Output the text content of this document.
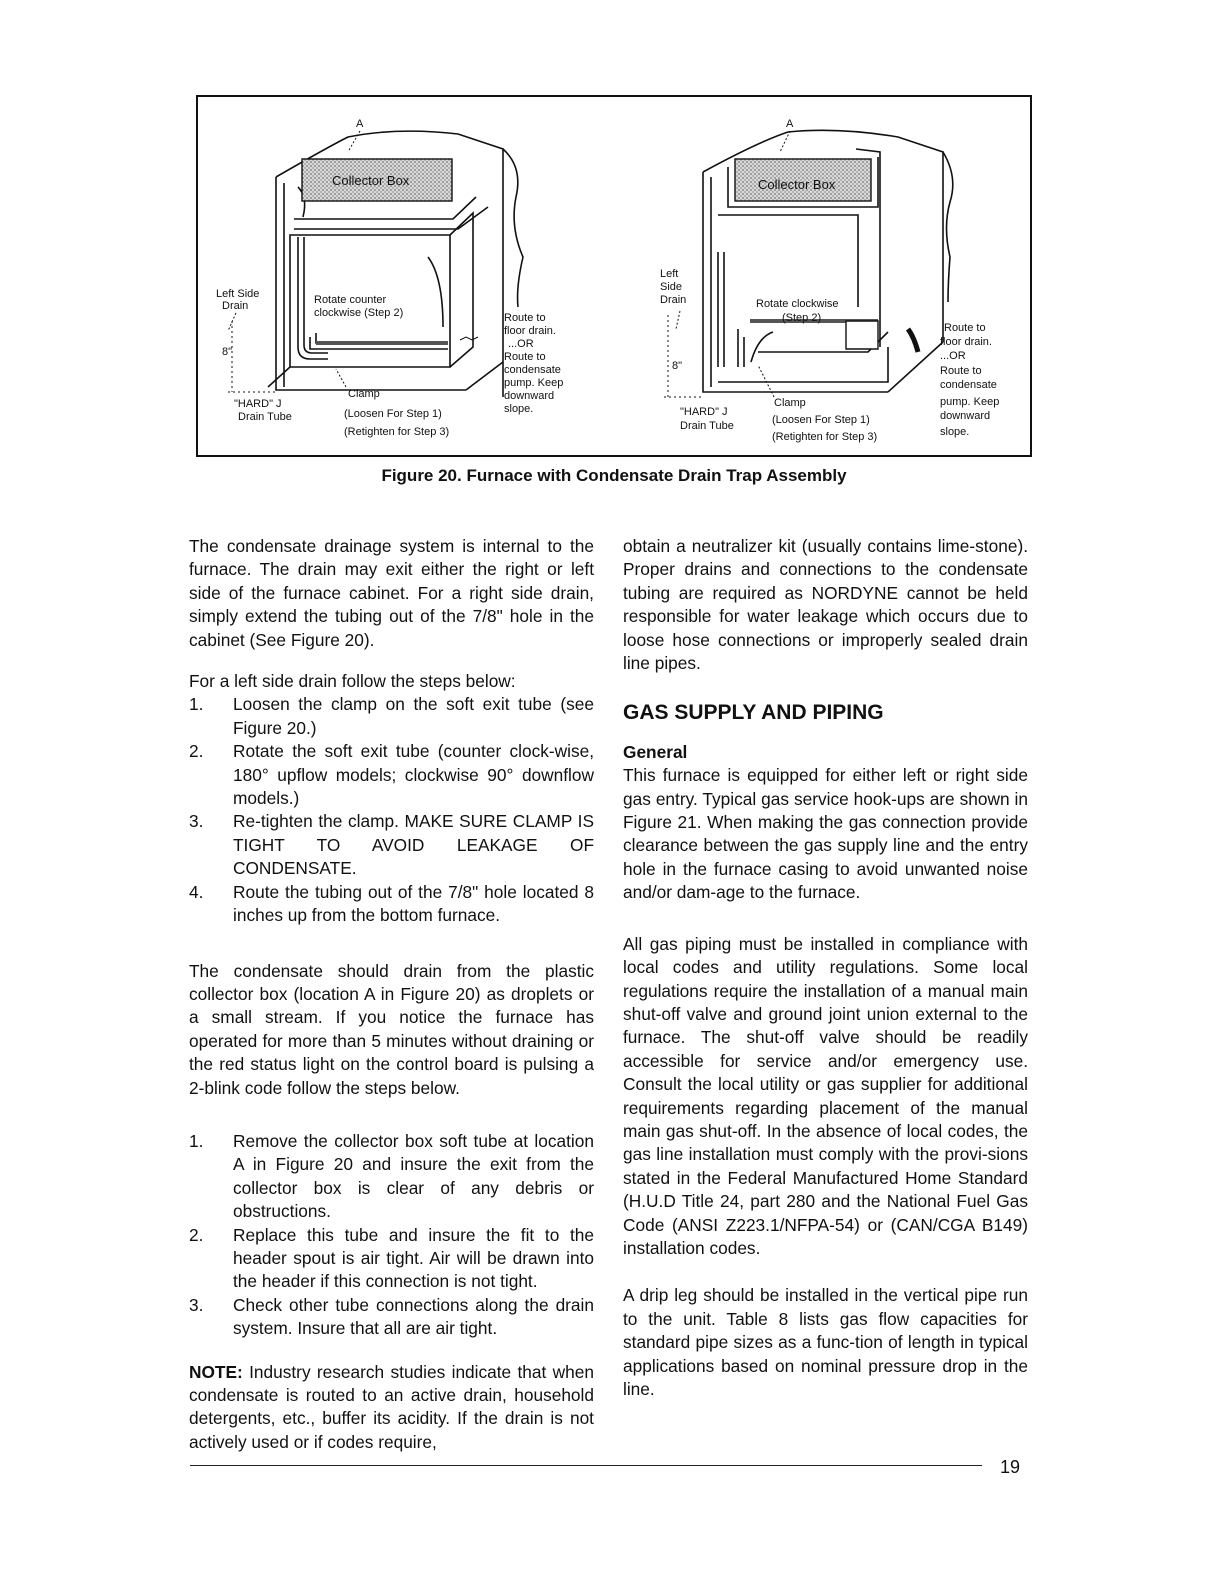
Collector Box
A
Left Side
Drain
8"
Rotate counter
clockwise (Step 2)	Route to
floor drain.
...OR
Route to
condensate
pump. Keep
downward
slope.
"HARD" J
Drain Tube
Clamp
(Loosen For Step 1)
(Retighten for Step 3)
Collector Box
A
Left
Side
Drain
8"
Rotate clockwise
(Step 2)
Route to
floor drain.
...OR
Route to
condensate
pump. Keep
downward
slope.
"HARD" J
Drain Tube
Clamp
(Loosen For Step 1)
(Retighten for Step 3)
Figure 20. Furnace with Condensate Drain Trap Assembly

The condensate drainage system is internal to the furnace. The drain may exit either the right or left side of the furnace cabinet. For a right side drain, simply extend the tubing out of the 7/8" hole in the cabinet (See Figure 20).

For a left side drain follow the steps below:

1. Loosen the clamp on the soft exit tube (see Figure 20.)
2. Rotate the soft exit tube (counter clock-wise, 180° upflow models; clockwise 90° downflow models.)
3. Re-tighten the clamp. MAKE SURE CLAMP IS TIGHT TO AVOID LEAKAGE OF CONDENSATE.
4. Route the tubing out of the 7/8" hole located 8 inches up from the bottom furnace.

The condensate should drain from the plastic collector box (location A in Figure 20) as droplets or a small stream. If you notice the furnace has operated for more than 5 minutes without draining or the red status light on the control board is pulsing a 2-blink code follow the steps below.

1. Remove the collector box soft tube at location A in Figure 20 and insure the exit from the collector box is clear of any debris or obstructions.
2. Replace this tube and insure the fit to the header spout is air tight. Air will be drawn into the header if this connection is not tight.
3. Check other tube connections along the drain system. Insure that all are air tight.

NOTE: Industry research studies indicate that when condensate is routed to an active drain, household detergents, etc., buffer its acidity. If the drain is not actively used or if codes require,

obtain a neutralizer kit (usually contains lime-stone). Proper drains and connections to the condensate tubing are required as NORDYNE cannot be held responsible for water leakage which occurs due to loose hose connections or improperly sealed drain line pipes.

GAS SUPPLY AND PIPING
General

This furnace is equipped for either left or right side gas entry. Typical gas service hook-ups are shown in Figure 21. When making the gas connection provide clearance between the gas supply line and the entry hole in the furnace casing to avoid unwanted noise and/or dam-age to the furnace.

All gas piping must be installed in compliance with local codes and utility regulations. Some local regulations require the installation of a manual main shut-off valve and ground joint union external to the furnace. The shut-off valve should be readily accessible for service and/or emergency use. Consult the local utility or gas supplier for additional requirements regarding placement of the manual main gas shut-off. In the absence of local codes, the gas line installation must comply with the provi-sions stated in the Federal Manufactured Home Standard (H.U.D Title 24, part 280 and the National Fuel Gas Code (ANSI Z223.1/NFPA-54) or (CAN/CGA B149) installation codes.

A drip leg should be installed in the vertical pipe run to the unit. Table 8 lists gas flow capacities for standard pipe sizes as a func-tion of length in typical applications based on nominal pressure drop in the line.

19
